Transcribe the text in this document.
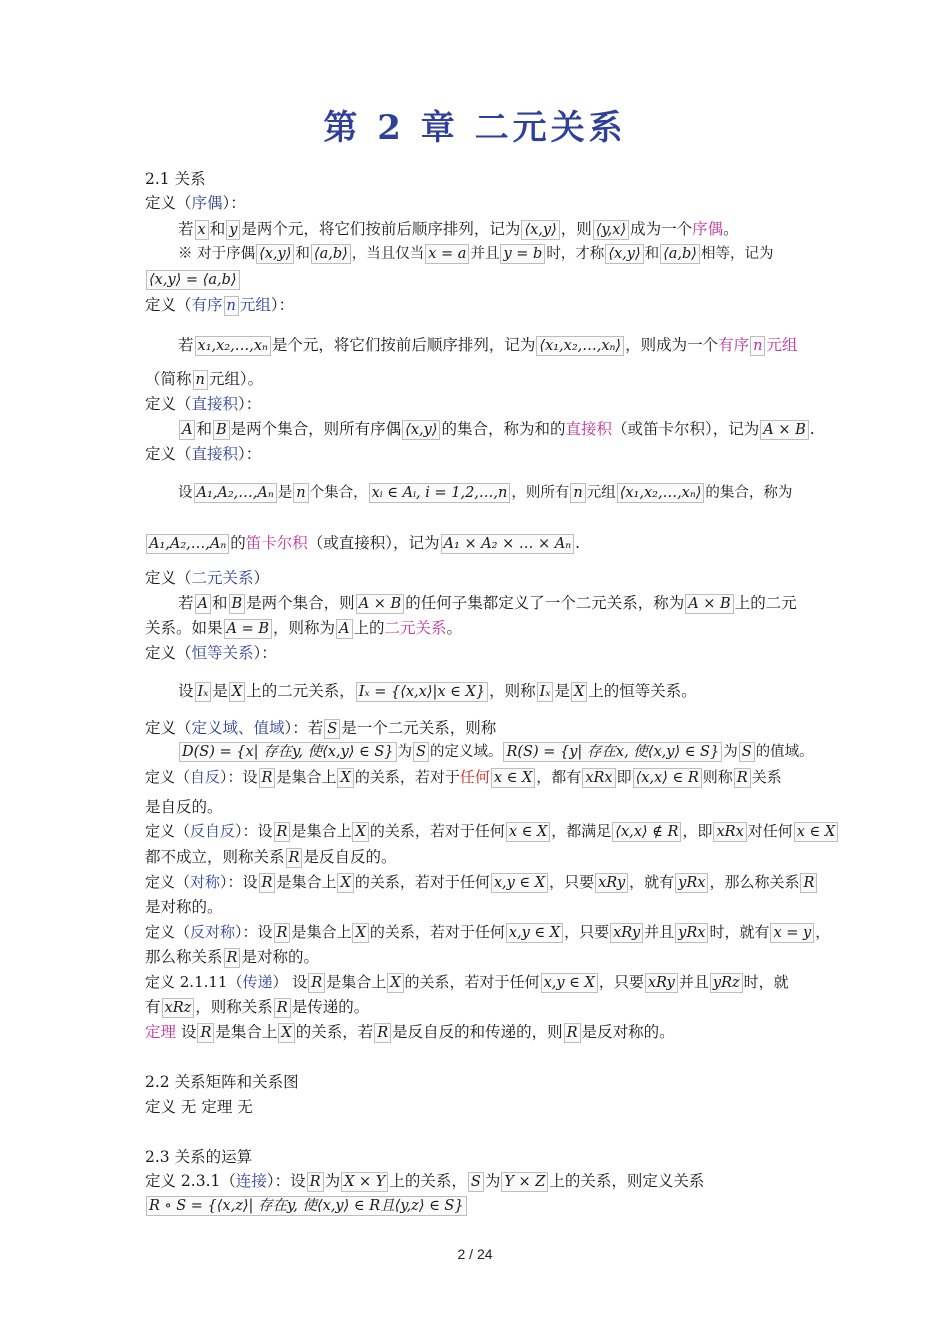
第 2 章 二元关系
2.1 关系
定义（序偶）：
若 x 和 y 是两个元，将它们按前后顺序排列，记为 ⟨x,y⟩ ，则 ⟨y,x⟩ 成为一个序偶。
※ 对于序偶 ⟨x,y⟩ 和 ⟨a,b⟩ ，当且仅当 x = a 并且 y = b 时，才称 ⟨x,y⟩ 和 ⟨a,b⟩ 相等，记为
⟨x,y⟩ = ⟨a,b⟩
定义（有序 n 元组）：
若 x₁,x₂,…,xₙ 是个元，将它们按前后顺序排列，记为 ⟨x₁,x₂,…,xₙ⟩ ，则成为一个有序 n 元组
（简称 n 元组）。
定义（直接积）：
A 和 B 是两个集合，则所有序偶 ⟨x,y⟩ 的集合，称为和的直接积（或笛卡尔积），记为 A × B .
定义（直接积）：
设 A₁,A₂,…,Aₙ 是 n 个集合， xᵢ ∈ Aᵢ, i = 1,2,…,n ，则所有 n 元组 ⟨x₁,x₂,…,xₙ⟩ 的集合，称为
A₁,A₂,…,Aₙ 的笛卡尔积（或直接积），记为 A₁ × A₂ × … × Aₙ .
定义（二元关系）
若 A 和 B 是两个集合，则 A × B 的任何子集都定义了一个二元关系，称为 A × B 上的二元
关系。如果 A = B ，则称为 A 上的二元关系。
定义（恒等关系）：
设 Iₓ 是 X 上的二元关系， Iₓ = {⟨x,x⟩|x ∈ X} ，则称 Iₓ 是 X 上的恒等关系。
定义（定义域、值域）：若 S 是一个二元关系，则称
D(S) = {x| 存在y, 使⟨x,y⟩ ∈ S} 为 S 的定义域。 R(S) = {y| 存在x, 使⟨x,y⟩ ∈ S} 为 S 的值域。
定义（自反）：设 R 是集合上 X 的关系，若对于任何 x ∈ X ，都有 xRx 即 ⟨x,x⟩ ∈ R 则称 R 关系
是自反的。
定义（反自反）：设 R 是集合上 X 的关系，若对于任何 x ∈ X ，都满足 ⟨x,x⟩ ∉ R ，即 xRx 对任何 x ∈ X
都不成立，则称关系 R 是反自反的。
定义（对称）：设 R 是集合上 X 的关系，若对于任何 x,y ∈ X ，只要 xRy ，就有 yRx ，那么称关系 R
是对称的。
定义（反对称）：设 R 是集合上 X 的关系，若对于任何 x,y ∈ X ，只要 xRy 并且 yRx 时，就有 x = y ，
那么称关系 R 是对称的。
定义 2.1.11（传递） 设 R 是集合上 X 的关系，若对于任何 x,y ∈ X ，只要 xRy 并且 yRz 时，就
有 xRz ，则称关系 R 是传递的。
定理 设 R 是集合上 X 的关系，若 R 是反自反的和传递的，则 R 是反对称的。
2.2 关系矩阵和关系图
定义 无 定理 无
2.3 关系的运算
定义 2.3.1（连接）：设 R 为 X × Y 上的关系， S 为 Y × Z 上的关系，则定义关系
R ∘ S = {⟨x,z⟩| 存在y, 使⟨x,y⟩ ∈ R且⟨y,z⟩ ∈ S}
2 / 24
